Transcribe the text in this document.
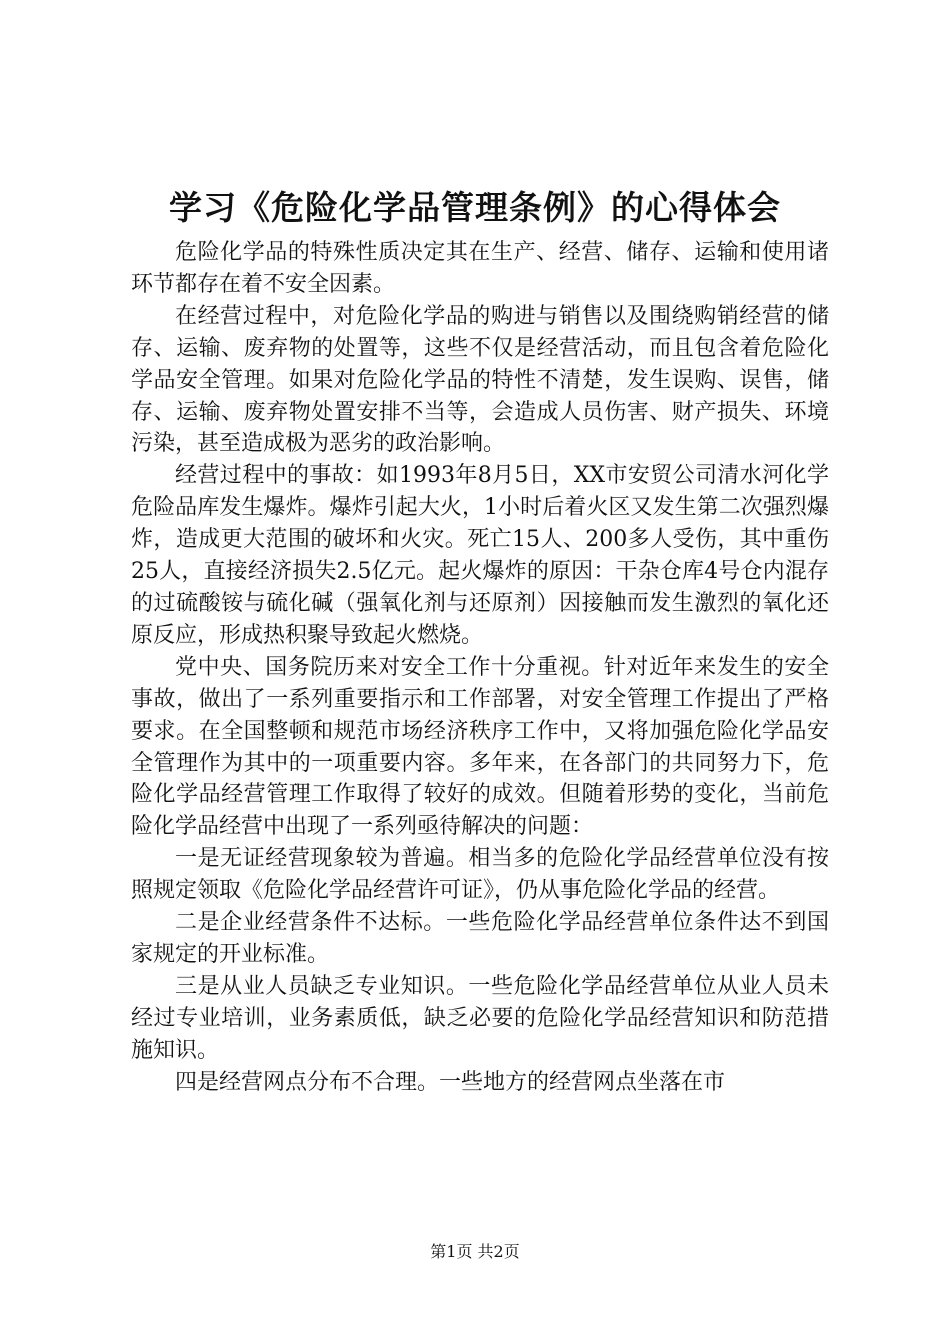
学习《危险化学品管理条例》的心得体会

危险化学品的特殊性质决定其在生产、经营、储存、运输和使用诸环节都存在着不安全因素。

在经营过程中，对危险化学品的购进与销售以及围绕购销经营的储存、运输、废弃物的处置等，这些不仅是经营活动，而且包含着危险化学品安全管理。如果对危险化学品的特性不清楚，发生误购、误售，储存、运输、废弃物处置安排不当等，会造成人员伤害、财产损失、环境污染，甚至造成极为恶劣的政治影响。

经营过程中的事故：如1993年8月5日，XX市安贸公司清水河化学危险品库发生爆炸。爆炸引起大火，1小时后着火区又发生第二次强烈爆炸，造成更大范围的破坏和火灾。死亡15人、200多人受伤，其中重伤25人，直接经济损失2.5亿元。起火爆炸的原因：干杂仓库4号仓内混存的过硫酸铵与硫化碱（强氧化剂与还原剂）因接触而发生激烈的氧化还原反应，形成热积聚导致起火燃烧。

党中央、国务院历来对安全工作十分重视。针对近年来发生的安全事故，做出了一系列重要指示和工作部署，对安全管理工作提出了严格要求。在全国整顿和规范市场经济秩序工作中，又将加强危险化学品安全管理作为其中的一项重要内容。多年来，在各部门的共同努力下，危险化学品经营管理工作取得了较好的成效。但随着形势的变化，当前危险化学品经营中出现了一系列亟待解决的问题：

一是无证经营现象较为普遍。相当多的危险化学品经营单位没有按照规定领取《危险化学品经营许可证》，仍从事危险化学品的经营。

二是企业经营条件不达标。一些危险化学品经营单位条件达不到国家规定的开业标准。

三是从业人员缺乏专业知识。一些危险化学品经营单位从业人员未经过专业培训，业务素质低，缺乏必要的危险化学品经营知识和防范措施知识。

四是经营网点分布不合理。一些地方的经营网点坐落在市

第1页 共2页
